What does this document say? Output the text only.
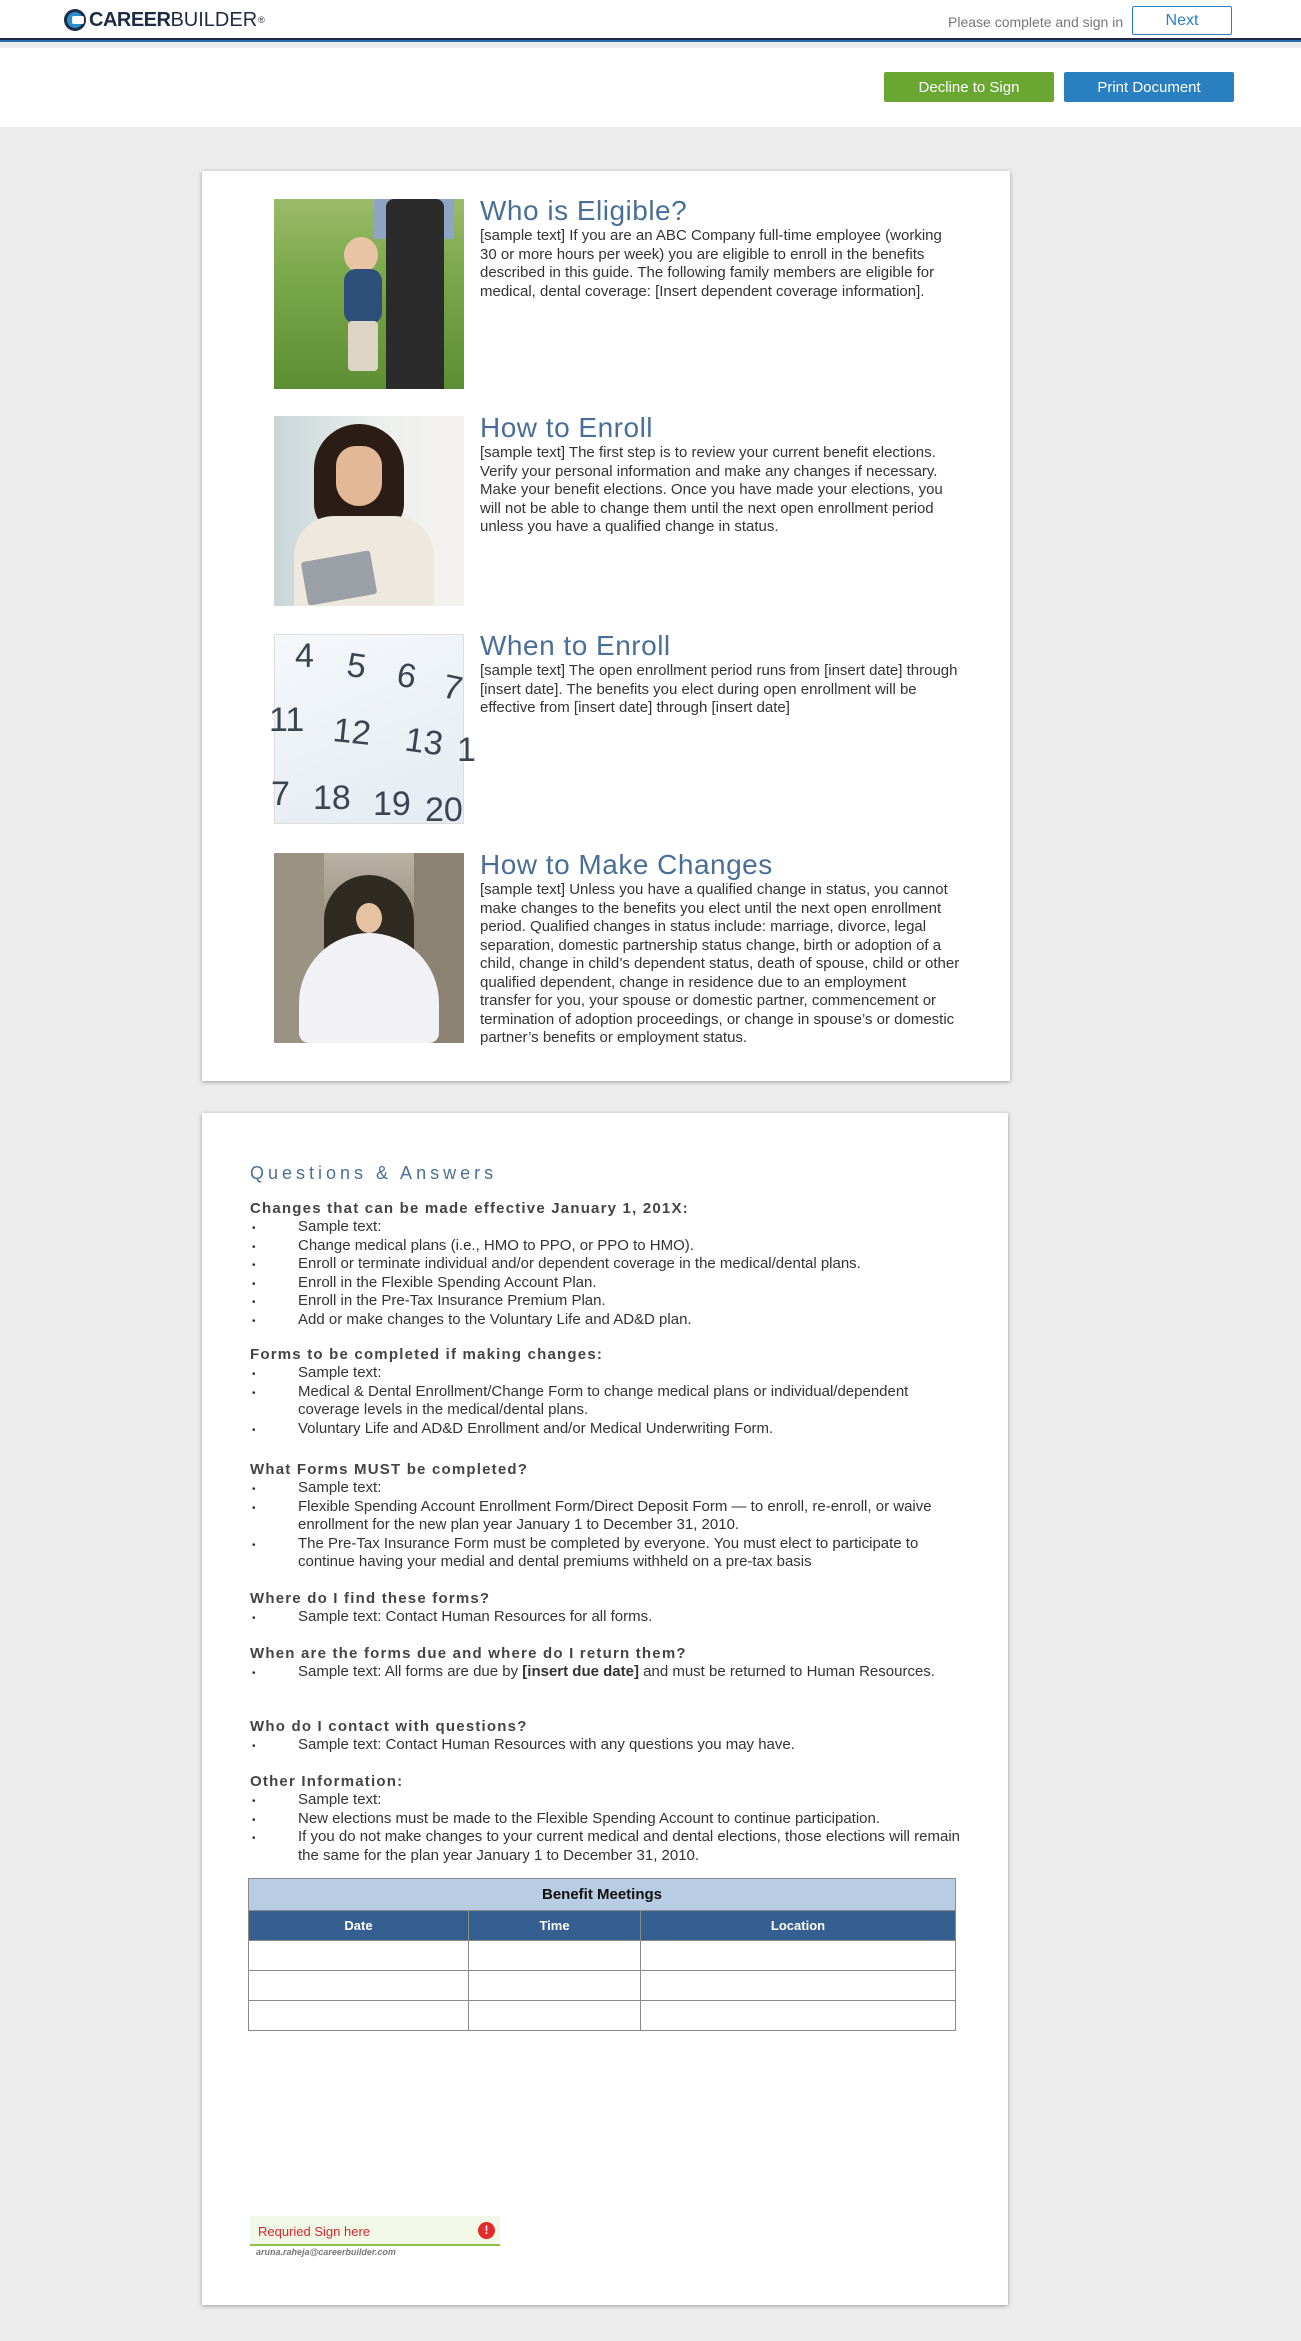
CAREER BUILDER ®	Please complete and sign in	Next
Decline to Sign	Print Document
Who is Eligible?
[sample text] If you are an ABC Company full-time employee (working 30 or more hours per week) you are eligible to enroll in the benefits described in this guide. The following family members are eligible for medical, dental coverage: [Insert dependent coverage information].
How to Enroll
[sample text] The first step is to review your current benefit elections. Verify your personal information and make any changes if necessary. Make your benefit elections. Once you have made your elections, you will not be able to change them until the next open enrollment period unless you have a qualified change in status.
4 5 6 7
11 12 13 1
7 18 19 20
When to Enroll
[sample text] The open enrollment period runs from [insert date] through [insert date]. The benefits you elect during open enrollment will be effective from [insert date] through [insert date]
How to Make Changes
[sample text] Unless you have a qualified change in status, you cannot make changes to the benefits you elect until the next open enrollment period. Qualified changes in status include: marriage, divorce, legal separation, domestic partnership status change, birth or adoption of a child, change in child’s dependent status, death of spouse, child or other qualified dependent, change in residence due to an employment transfer for you, your spouse or domestic partner, commencement or termination of adoption proceedings, or change in spouse’s or domestic partner’s benefits or employment status.
Questions & Answers
Changes that can be made effective January 1, 201X:
• Sample text:
• Change medical plans (i.e., HMO to PPO, or PPO to HMO).
• Enroll or terminate individual and/or dependent coverage in the medical/dental plans.
• Enroll in the Flexible Spending Account Plan.
• Enroll in the Pre-Tax Insurance Premium Plan.
• Add or make changes to the Voluntary Life and AD&D plan.
Forms to be completed if making changes:
• Sample text:
• Medical & Dental Enrollment/Change Form to change medical plans or individual/dependent coverage levels in the medical/dental plans.
• Voluntary Life and AD&D Enrollment and/or Medical Underwriting Form.
What Forms MUST be completed?
• Sample text:
• Flexible Spending Account Enrollment Form/Direct Deposit Form — to enroll, re-enroll, or waive enrollment for the new plan year January 1 to December 31, 2010.
• The Pre-Tax Insurance Form must be completed by everyone. You must elect to participate to continue having your medial and dental premiums withheld on a pre-tax basis
Where do I find these forms?
• Sample text: Contact Human Resources for all forms.
When are the forms due and where do I return them?
• Sample text: All forms are due by [insert due date] and must be returned to Human Resources.
Who do I contact with questions?
• Sample text: Contact Human Resources with any questions you may have.
Other Information:
• Sample text:
• New elections must be made to the Flexible Spending Account to continue participation.
• If you do not make changes to your current medical and dental elections, those elections will remain the same for the plan year January 1 to December 31, 2010.
Benefit Meetings		
Date	Time	Location

Requried Sign here	!
aruna.raheja@careerbuilder.com
